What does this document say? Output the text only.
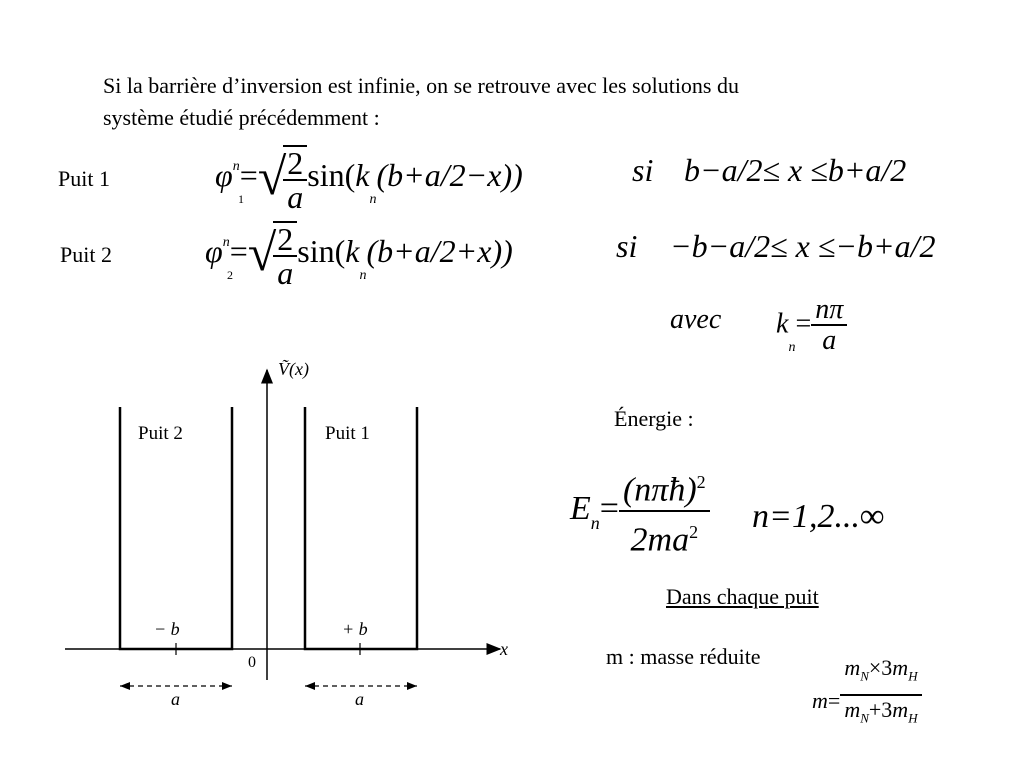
Si la barrière d’inversion est infinie, on se retrouve avec les solutions du
système étudié précédemment :
Puit 1	$\varphi^n=√$
$\frac{2}{a} \sin(k_n(b+a/2-x))$
1
si b−a/2≤ x ≤b+a/2
Puit 2	$\varphi^n=√$
$\frac{2}{a} \sin(k_n(b+a/2+x))$
2
si −b−a/2≤ x ≤−b+a/2
avec $k_n= \frac{n\pi}{a}$
Énergie :
$E_n= \frac{(n\pi ħ)^2}{2ma^2} n=1,2...\infty$
Dans chaque puit
m : masse réduite
$m= \frac{m_N\times 3m_H}{m_N+3m_H}$
Ṽ(x)
x
0
Puit 2	Puit 1
− b	+ b
a	a
